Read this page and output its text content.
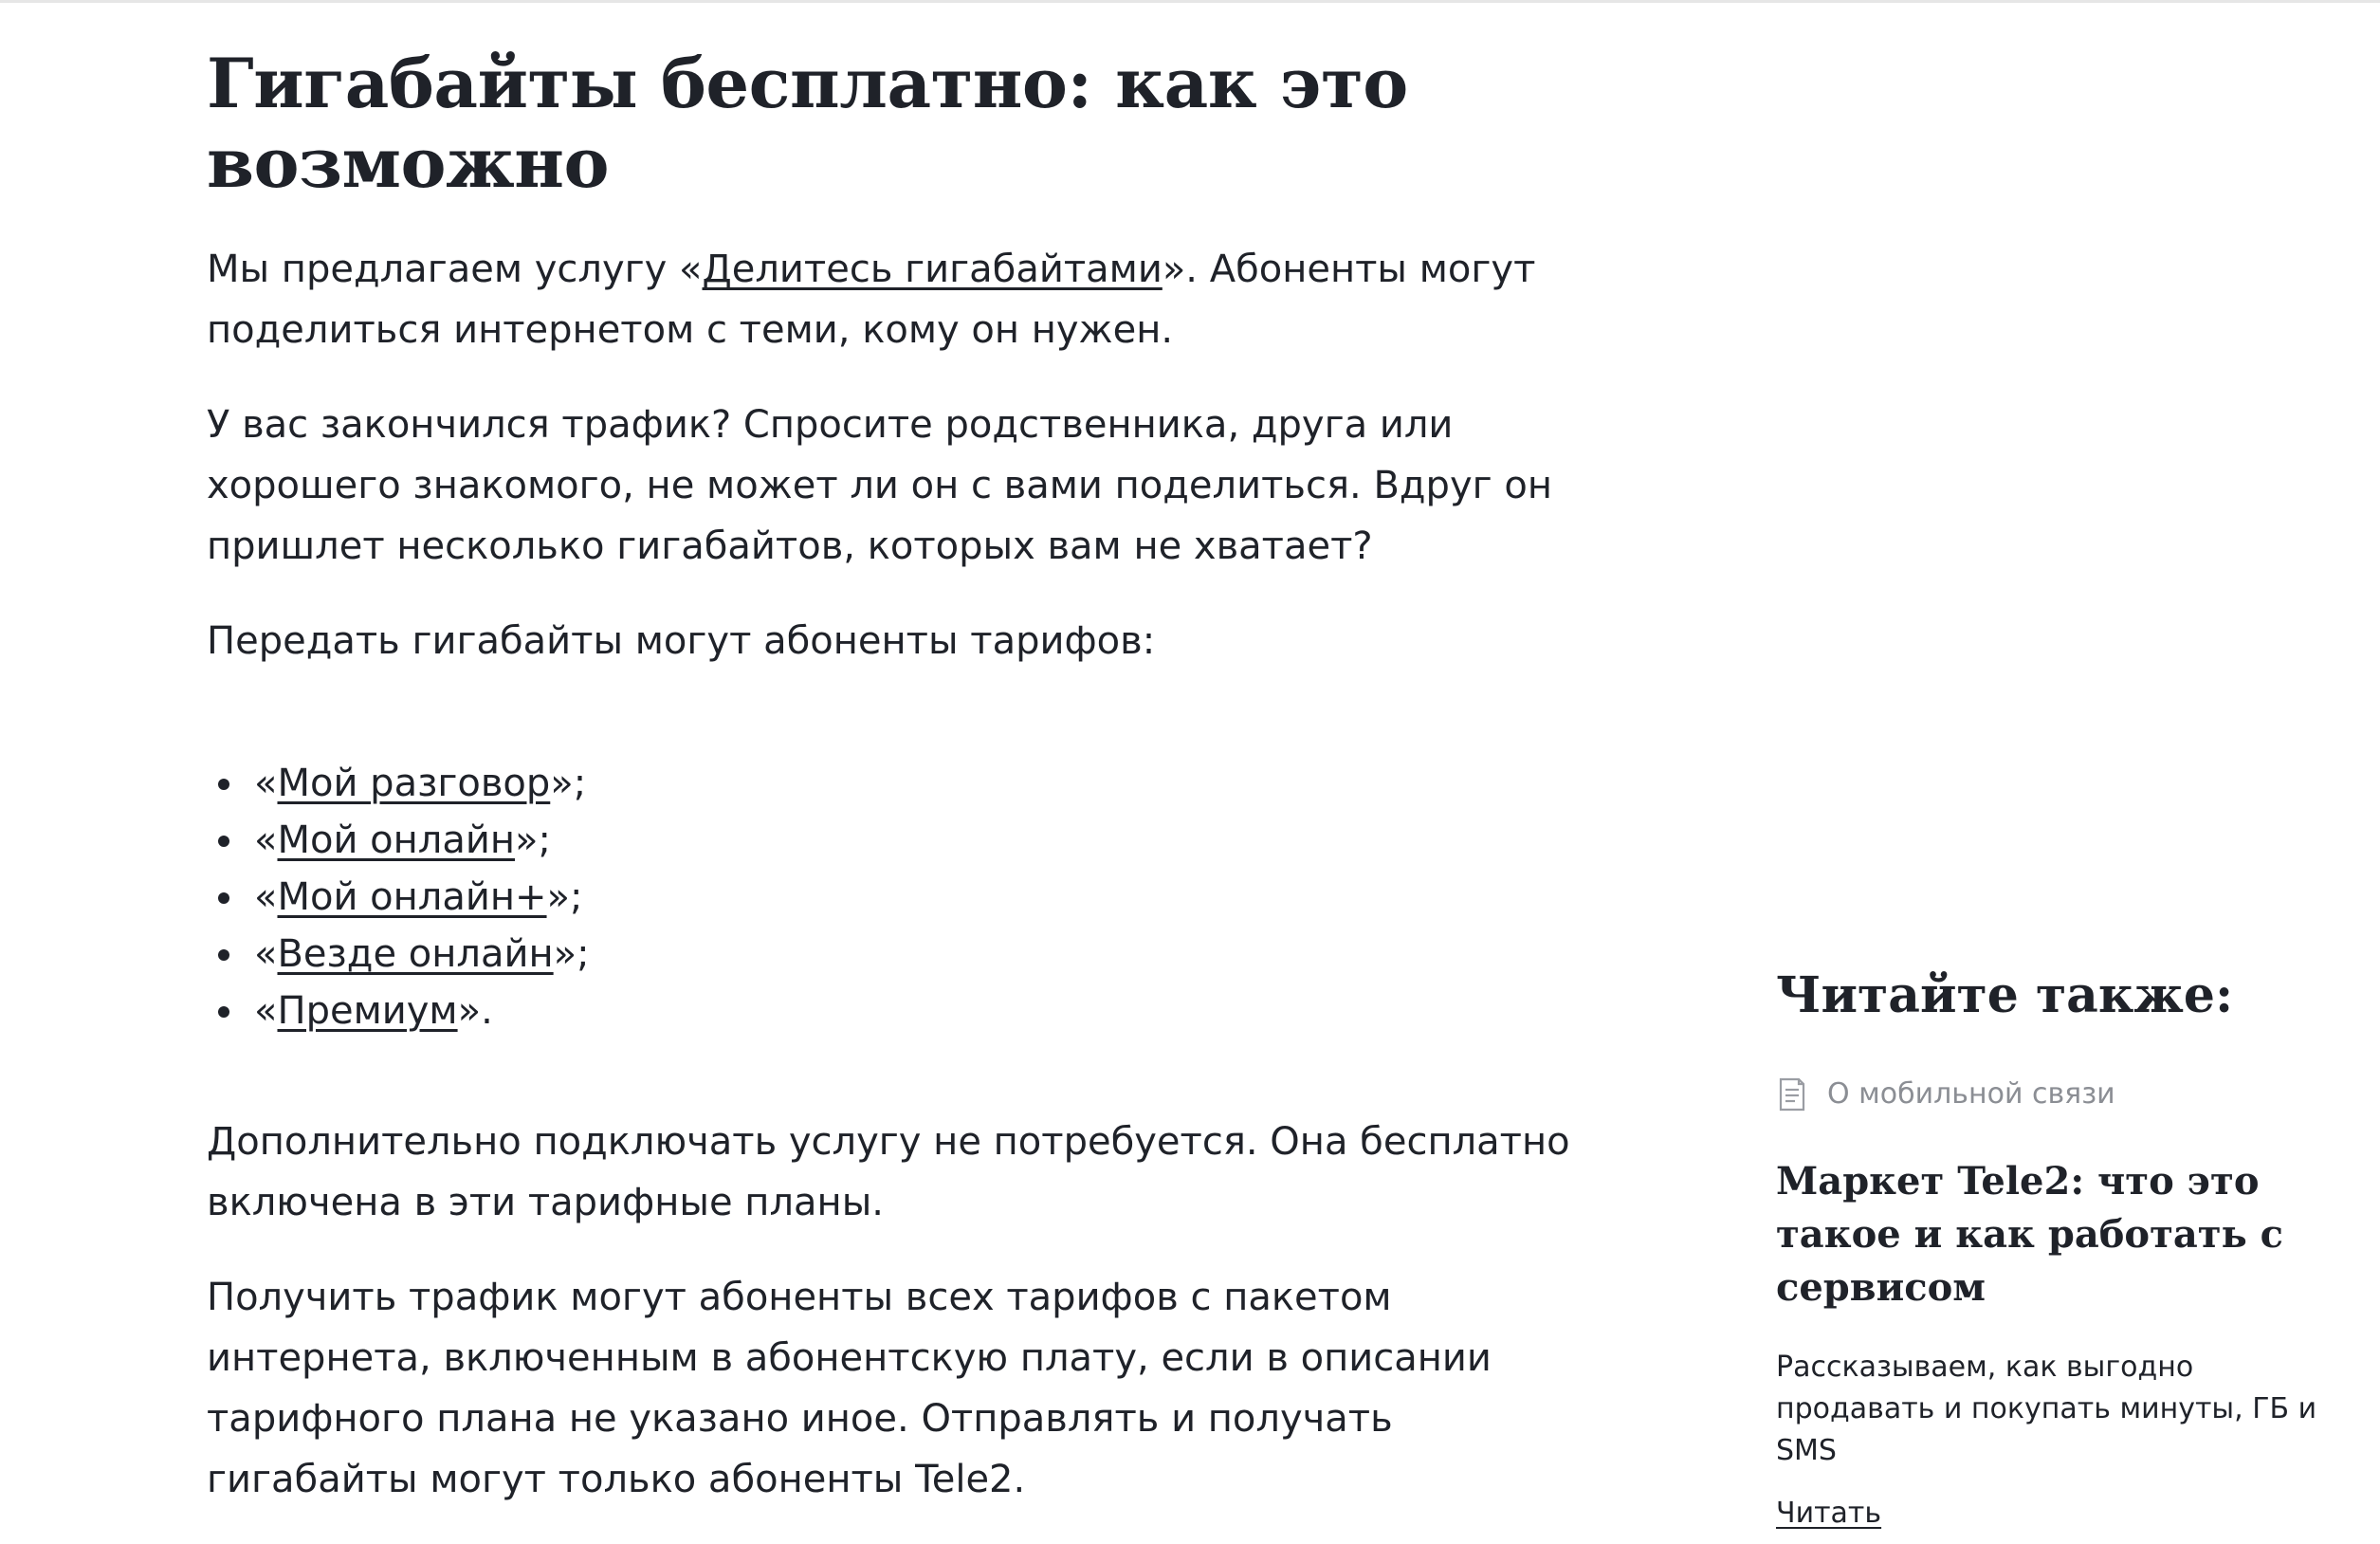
Гигабайты бесплатно: как это возможно

Мы предлагаем услугу «Делитесь гигабайтами». Абоненты могут поделиться интернетом с теми, кому он нужен.

У вас закончился трафик? Спросите родственника, друга или хорошего знакомого, не может ли он с вами поделиться. Вдруг он пришлет несколько гигабайтов, которых вам не хватает?

Передать гигабайты могут абоненты тарифов:

«Мой разговор»;
«Мой онлайн»;
«Мой онлайн+»;
«Везде онлайн»;
«Премиум».

Дополнительно подключать услугу не потребуется. Она бесплатно включена в эти тарифные планы.

Получить трафик могут абоненты всех тарифов с пакетом интернета, включенным в абонентскую плату, если в описании тарифного плана не указано иное. Отправлять и получать гигабайты могут только абоненты Tele2.

Читайте также:
О мобильной связи
Маркет Tele2: что это такое и как работать с сервисом
Рассказываем, как выгодно продавать и покупать минуты, ГБ и SMS
Читать
